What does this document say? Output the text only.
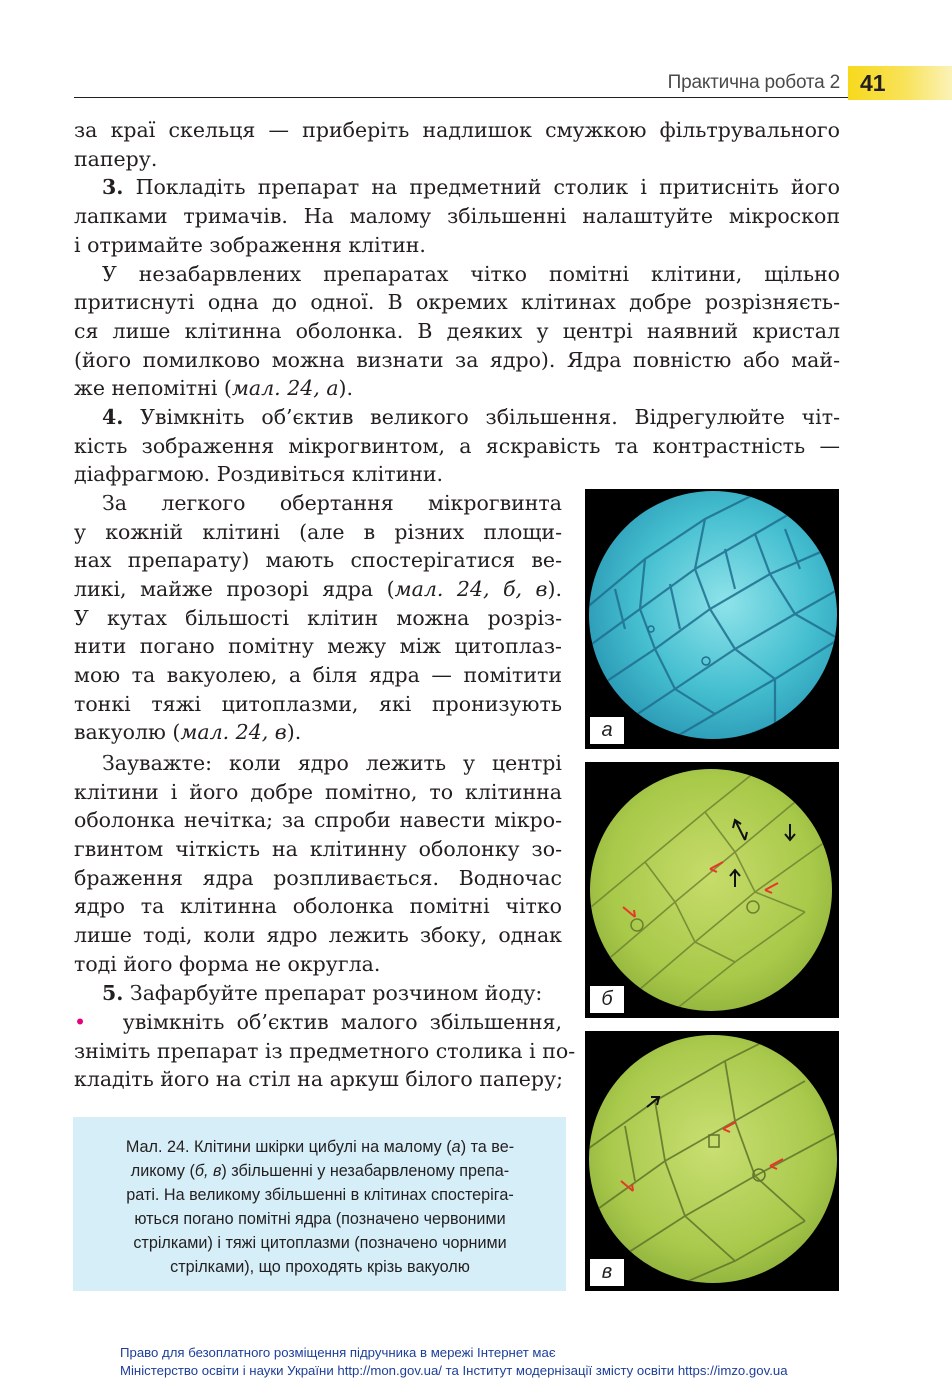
Практична робота 2 41

за краї скельця — приберіть надлишок смужкою фільтрувального

паперу.

3. Покладіть препарат на предметний столик і притисніть його

лапками тримачів. На малому збільшенні налаштуйте мікроскоп

і отримайте зображення клітин.

У незабарвлених препаратах чітко помітні клітини, щільно

притиснуті одна до одної. В окремих клітинах добре розрізняєть-

ся лише клітинна оболонка. В деяких у центрі наявний кристал

(його помилково можна визнати за ядро). Ядра повністю або май-

же непомітні (мал. 24, а).

4. Увімкніть об’єктив великого збільшення. Відрегулюйте чіт-

кість зображення мікрогвинтом, а яскравість та контрастність —

діафрагмою. Роздивіться клітини.

За легкого обертання мікрогвинта

у кожній клітині (але в різних площи-

нах препарату) мають спостерігатися ве-

ликі, майже прозорі ядра (мал. 24, б, в).

У кутах більшості клітин можна розріз-

нити погано помітну межу між цитоплаз-

мою та вакуолею, а біля ядра — помітити

тонкі тяжі цитоплазми, які пронизують

вакуолю (мал. 24, в).

Зауважте: коли ядро лежить у центрі

клітини і його добре помітно, то клітинна

оболонка нечітка; за спроби навести мікро-

гвинтом чіткість на клітинну оболонку зо-

браження ядра розпливається. Водночас

ядро та клітинна оболонка помітні чітко

лише тоді, коли ядро лежить збоку, однак

тоді його форма не округла.

5. Зафарбуйте препарат розчином йоду:

• увімкніть об’єктив малого збільшення,

зніміть препарат із предметного столика і по-

кладіть його на стіл на аркуш білого паперу;

а
б
в

Мал. 24. Клітини шкірки цибулі на малому (а) та ве-
ликому (б, в) збільшенні у незабарвленому препа-
раті. На великому збільшенні в клітинах спостеріга-
ються погано помітні ядра (позначено червоними
стрілками) і тяжі цитоплазми (позначено чорними
стрілками), що проходять крізь вакуолю

Право для безоплатного розміщення підручника в мережі Інтернет має
Міністерство освіти і науки України http://mon.gov.ua/ та Інститут модернізації змісту освіти https://imzo.gov.ua
